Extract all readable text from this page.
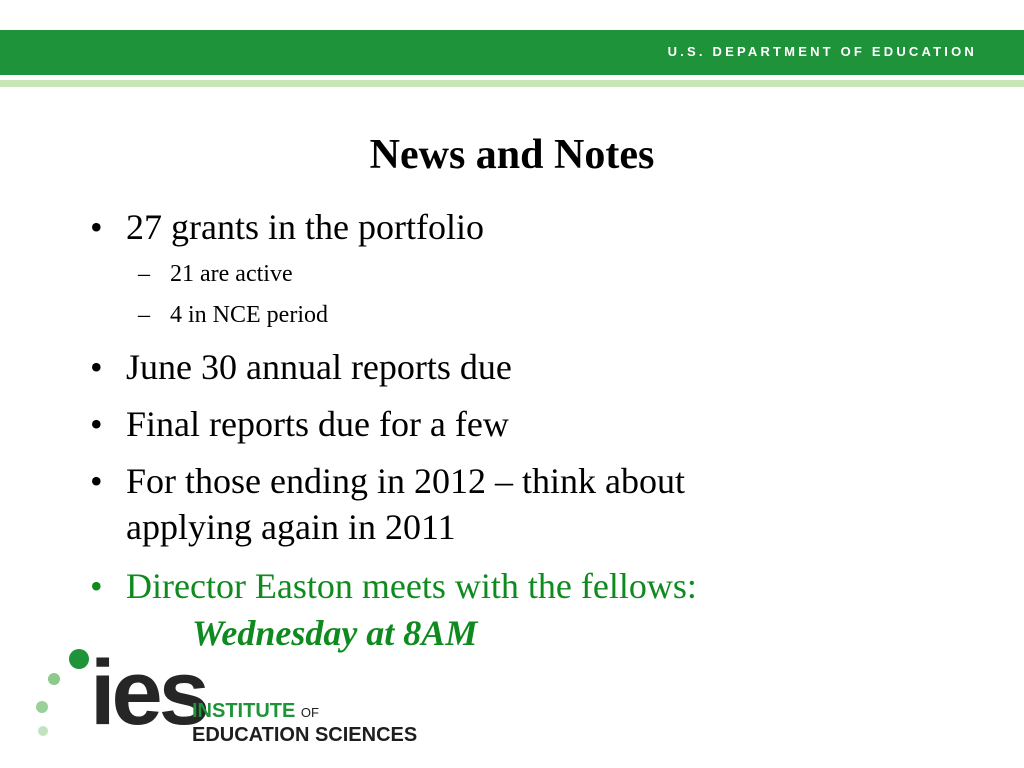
U.S. DEPARTMENT OF EDUCATION
News and Notes
• 27 grants in the portfolio
– 21 are active
– 4 in NCE period
• June 30 annual reports due
• Final reports due for a few
• For those ending in 2012 – think about
applying again in 2011
• Director Easton meets with the fellows:
Wednesday at 8AM
ies
INSTITUTE OF
EDUCATION SCIENCES
